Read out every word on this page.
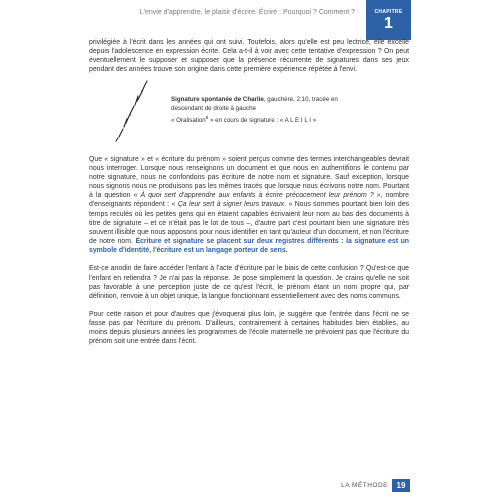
L'envie d'apprendre, le plaisir d'écrire. Écrire : Pourquoi ? Comment ?	CHAPITRE
1

privilégiée à l'écrit dans les années qui ont suivi. Toutefois, alors qu'elle est peu lectrice, elle excelle depuis l'adolescence en expression écrite. Cela a-t-il à voir avec cette tentative d'expression ? On peut éventuellement le supposer et supposer que la présence récurrente de signatures dans ses jeux pendant des années trouve son origine dans cette première expérience répétée à l'envi.

Signature spontanée de Charlie, gauchère, 2;10, tracée en descendant de droite à gauche
« Oralisation$^8$ » en cours de signature : « A L E I L I »

Que « signature » et « écriture du prénom » soient perçus comme des termes interchangeables devrait nous interroger. Lorsque nous renseignons un document et que nous en authentifions le contenu par notre signature, nous ne confondons pas écriture de notre nom et signature. Sauf exception, lorsque nous signons nous ne produisons pas les mêmes tracés que lorsque nous écrivons notre nom. Pourtant à la question « À quoi sert d'apprendre aux enfants à écrire précocement leur prénom ? », nombre d'enseignants répondent : « Ça leur sert à signer leurs travaux. » Nous sommes pourtant bien loin des temps reculés où les petites gens qui en étaient capables écrivaient leur nom au bas des documents à titre de signature – et ce n'était pas le lot de tous –, d'autre part c'est pourtant bien une signature très souvent illisible que nous apposons pour nous identifier en tant qu'auteur d'un document, et non l'écriture de notre nom. Écriture et signature se placent sur deux registres différents : la signature est un symbole d'identité, l'écriture est un langage porteur de sens.

Est-ce anodin de faire accéder l'enfant à l'acte d'écriture par le biais de cette confusion ? Qu'est-ce que l'enfant en retiendra ? Je n'ai pas la réponse. Je pose simplement la question. Je crains qu'elle ne soit pas favorable à une perception juste de ce qu'est l'écrit, le prénom étant un nom propre qui, par définition, renvoie à un objet unique, la langue fonctionnant essentiellement avec des noms communs.

Pour cette raison et pour d'autres que j'évoquerai plus loin, je suggère que l'entrée dans l'écrit ne se fasse pas par l'écriture du prénom. D'ailleurs, contrairement à certaines habitudes bien établies, au moins depuis plusieurs années les programmes de l'école maternelle ne prévoient pas que l'écriture du prénom soit une entrée dans l'écrit.

LA MÉTHODE	19
